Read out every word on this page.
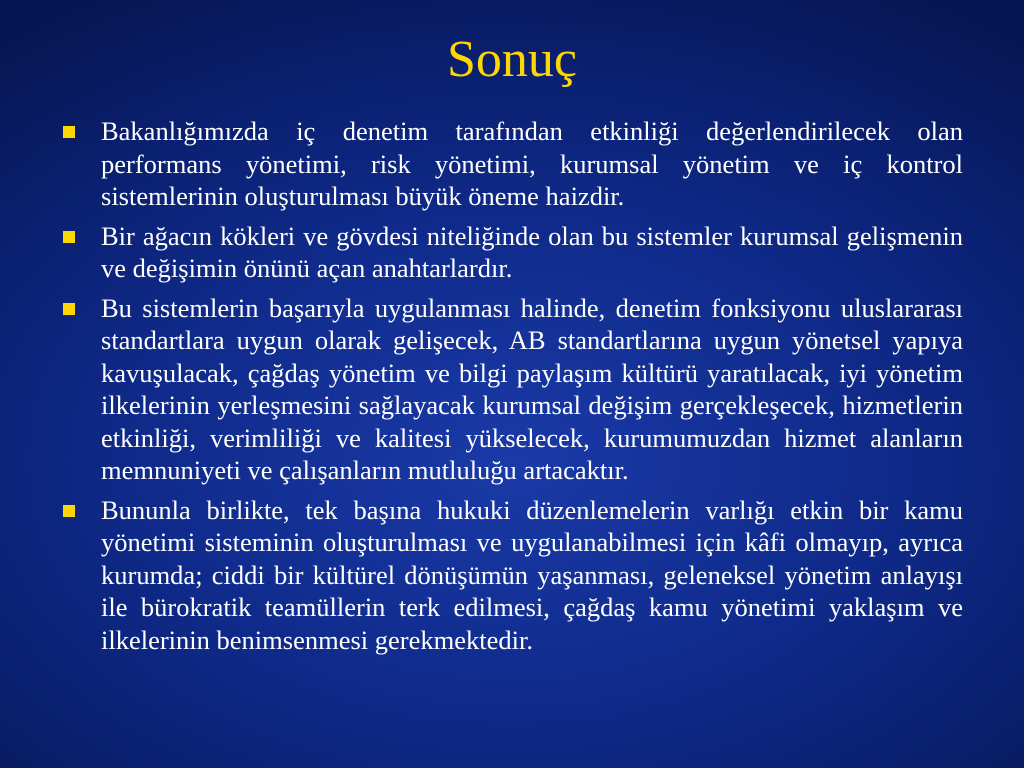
Sonuç
Bakanlığımızda iç denetim tarafından etkinliği değerlendirilecek olan performans yönetimi, risk yönetimi, kurumsal yönetim ve iç kontrol sistemlerinin oluşturulması büyük öneme haizdir.
Bir ağacın kökleri ve gövdesi niteliğinde olan bu sistemler kurumsal gelişmenin ve değişimin önünü açan anahtarlardır.
Bu sistemlerin başarıyla uygulanması halinde, denetim fonksiyonu uluslararası standartlara uygun olarak gelişecek, AB standartlarına uygun yönetsel yapıya kavuşulacak, çağdaş yönetim ve bilgi paylaşım kültürü yaratılacak, iyi yönetim ilkelerinin yerleşmesini sağlayacak kurumsal değişim gerçekleşecek, hizmetlerin etkinliği, verimliliği ve kalitesi yükselecek, kurumumuzdan hizmet alanların memnuniyeti ve çalışanların mutluluğu artacaktır.
Bununla birlikte, tek başına hukuki düzenlemelerin varlığı etkin bir kamu yönetimi sisteminin oluşturulması ve uygulanabilmesi için kâfi olmayıp, ayrıca kurumda; ciddi bir kültürel dönüşümün yaşanması, geleneksel yönetim anlayışı ile bürokratik teamüllerin terk edilmesi, çağdaş kamu yönetimi yaklaşım ve ilkelerinin benimsenmesi gerekmektedir.
